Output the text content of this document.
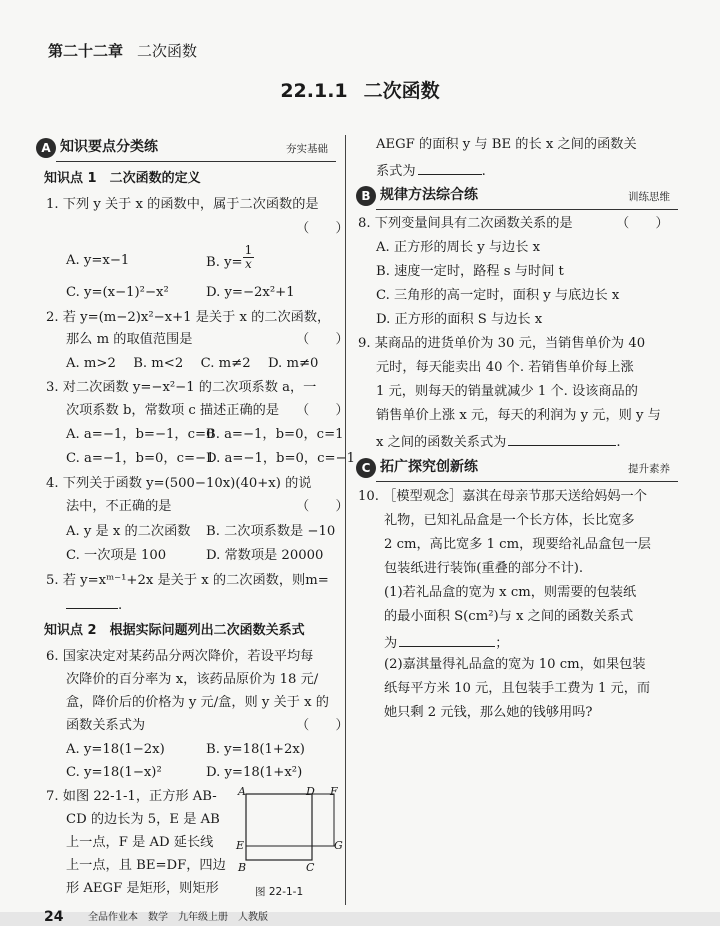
第二十二章 二次函数
22.1.1 二次函数
A 知识要点分类练	夯实基础
知识点 1　二次函数的定义
1. 下列 y 关于 x 的函数中，属于二次函数的是
（　　）
A. y=x−1	B. $y= \frac{1}{x}$
C. y=(x−1)²−x²	D. y=−2x²+1
2. 若 y=(m−2)x²−x+1 是关于 x 的二次函数，
那么 m 的取值范围是	（　　）
A. m>2　 B. m<2　 C. m≠2　 D. m≠0
3. 对二次函数 y=−x²−1 的二次项系数 a，一
次项系数 b，常数项 c 描述正确的是 （　　）
A. a=−1，b=−1，c=0
B. a=−1，b=0，c=1
C. a=−1，b=0，c=−1
D. a=−1，b=0，c=−1
4. 下列关于函数 y=(500−10x)(40+x) 的说
法中，不正确的是	（　　）
A. y 是 x 的二次函数 B. 二次项系数是 −10
C. 一次项是 100	D. 常数项是 20000
5. 若 y=xᵐ⁻¹+2x 是关于 x 的二次函数，则m=
.
知识点 2　根据实际问题列出二次函数关系式
6. 国家决定对某药品分两次降价，若设平均每
次降价的百分率为 x，该药品原价为 18 元/
盒，降价后的价格为 y 元/盒，则 y 关于 x 的
函数关系式为	（　　）
A. y=18(1−2x)	B. y=18(1+2x)
C. y=18(1−x)²	D. y=18(1+x²)
7. 如图 22-1-1，正方形 AB-
CD 的边长为 5，E 是 AB
上一点，F 是 AD 延长线
上一点，且 BE=DF，四边
形 AEGF 是矩形，则矩形
A	D F
E	G
B	C
图 22-1-1
AEGF 的面积 y 与 BE 的长 x 之间的函数关
系式为	.
B 规律方法综合练	训练思维
8. 下列变量间具有二次函数关系的是	（　　）
A. 正方形的周长 y 与边长 x
B. 速度一定时，路程 s 与时间 t
C. 三角形的高一定时，面积 y 与底边长 x
D. 正方形的面积 S 与边长 x
9. 某商品的进货单价为 30 元，当销售单价为 40
元时，每天能卖出 40 个. 若销售单价每上涨
1 元，则每天的销量就减少 1 个. 设该商品的
销售单价上涨 x 元，每天的利润为 y 元，则 y 与
x 之间的函数关系式为	.
C 拓广探究创新练	提升素养
10. ［模型观念］嘉淇在母亲节那天送给妈妈一个
礼物，已知礼品盒是一个长方体，长比宽多
2 cm，高比宽多 1 cm，现要给礼品盒包一层
包装纸进行装饰(重叠的部分不计).
(1)若礼品盒的宽为 x cm，则需要的包装纸
的最小面积 S(cm²)与 x 之间的函数关系式
为	；
(2)嘉淇量得礼品盒的宽为 10 cm，如果包装
纸每平方米 10 元，且包装手工费为 1 元，而
她只剩 2 元钱，那么她的钱够用吗?
24 全品作业本　数学　九年级上册　人教版
